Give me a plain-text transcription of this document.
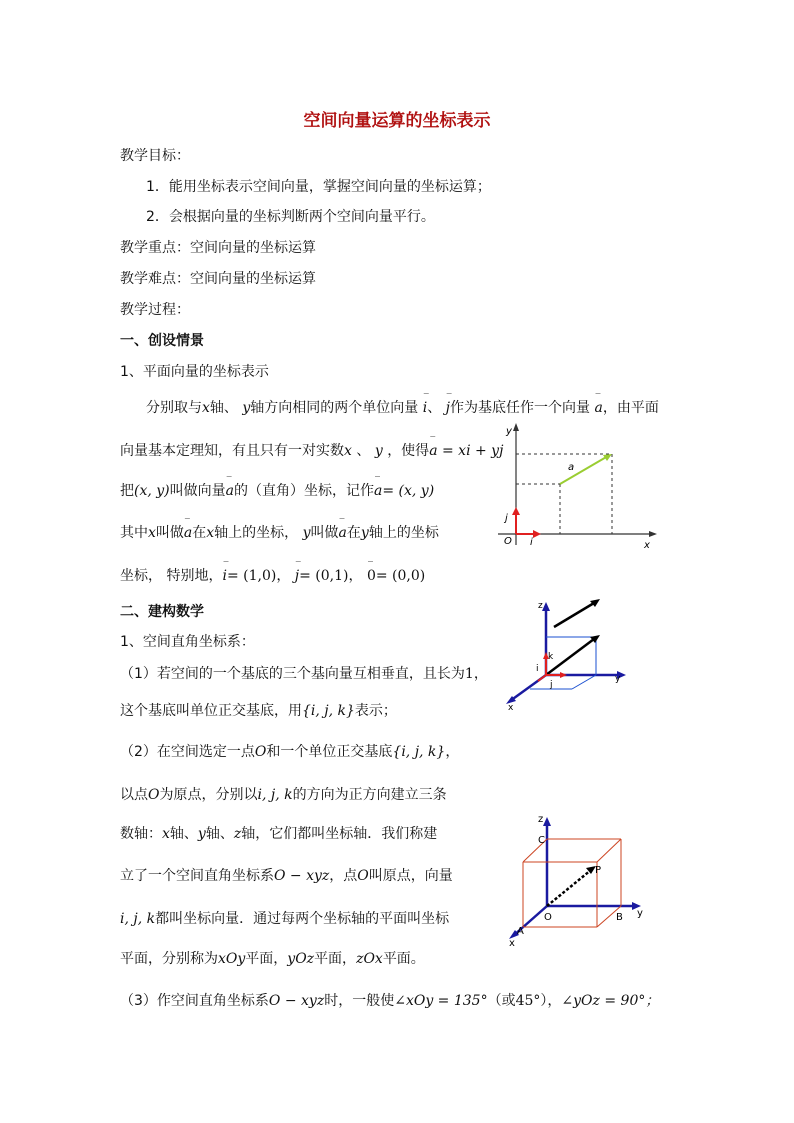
空间向量运算的坐标表示
教学目标：
1．能用坐标表示空间向量，掌握空间向量的坐标运算；
2．会根据向量的坐标判断两个空间向量平行。
教学重点：空间向量的坐标运算
教学难点：空间向量的坐标运算
教学过程：
一、创设情景
1、平面向量的坐标表示
分别取与x轴、 y轴方向相同的两个单位向量 ‾ i、 ‾ j作为基底任作一个向量 ‾ a，由平面
向量基本定理知，有且只有一对实数x 、 y ，使得‾ a = xi + yj
把(x, y)叫做向量‾ a的（直角）坐标，记作‾ a= (x, y)
其中x叫做‾ a在x轴上的坐标， y叫做‾ a在y轴上的坐标
坐标， 特别地，‾ i= (1,0)， ‾ j= (0,1)， ‾ 0= (0,0)
二、建构数学
1、空间直角坐标系：
（1）若空间的一个基底的三个基向量互相垂直，且长为1，
这个基底叫单位正交基底，用{i, j, k}表示；
（2）在空间选定一点O和一个单位正交基底{i, j, k}，
以点O为原点，分别以i, j, k的方向为正方向建立三条
数轴：x轴、y轴、z轴，它们都叫坐标轴．我们称建
立了一个空间直角坐标系O − xyz，点O叫原点，向量
i, j, k都叫坐标向量．通过每两个坐标轴的平面叫坐标
平面，分别称为xOy平面，yOz平面，zOx平面。
（3）作空间直角坐标系O − xyz时，一般使∠xOy = 135°（或45°），∠yOz = 90°；
y
x
O i
j
a
z
y
x
k
j
i
z
C
P
O	B y
A
x
